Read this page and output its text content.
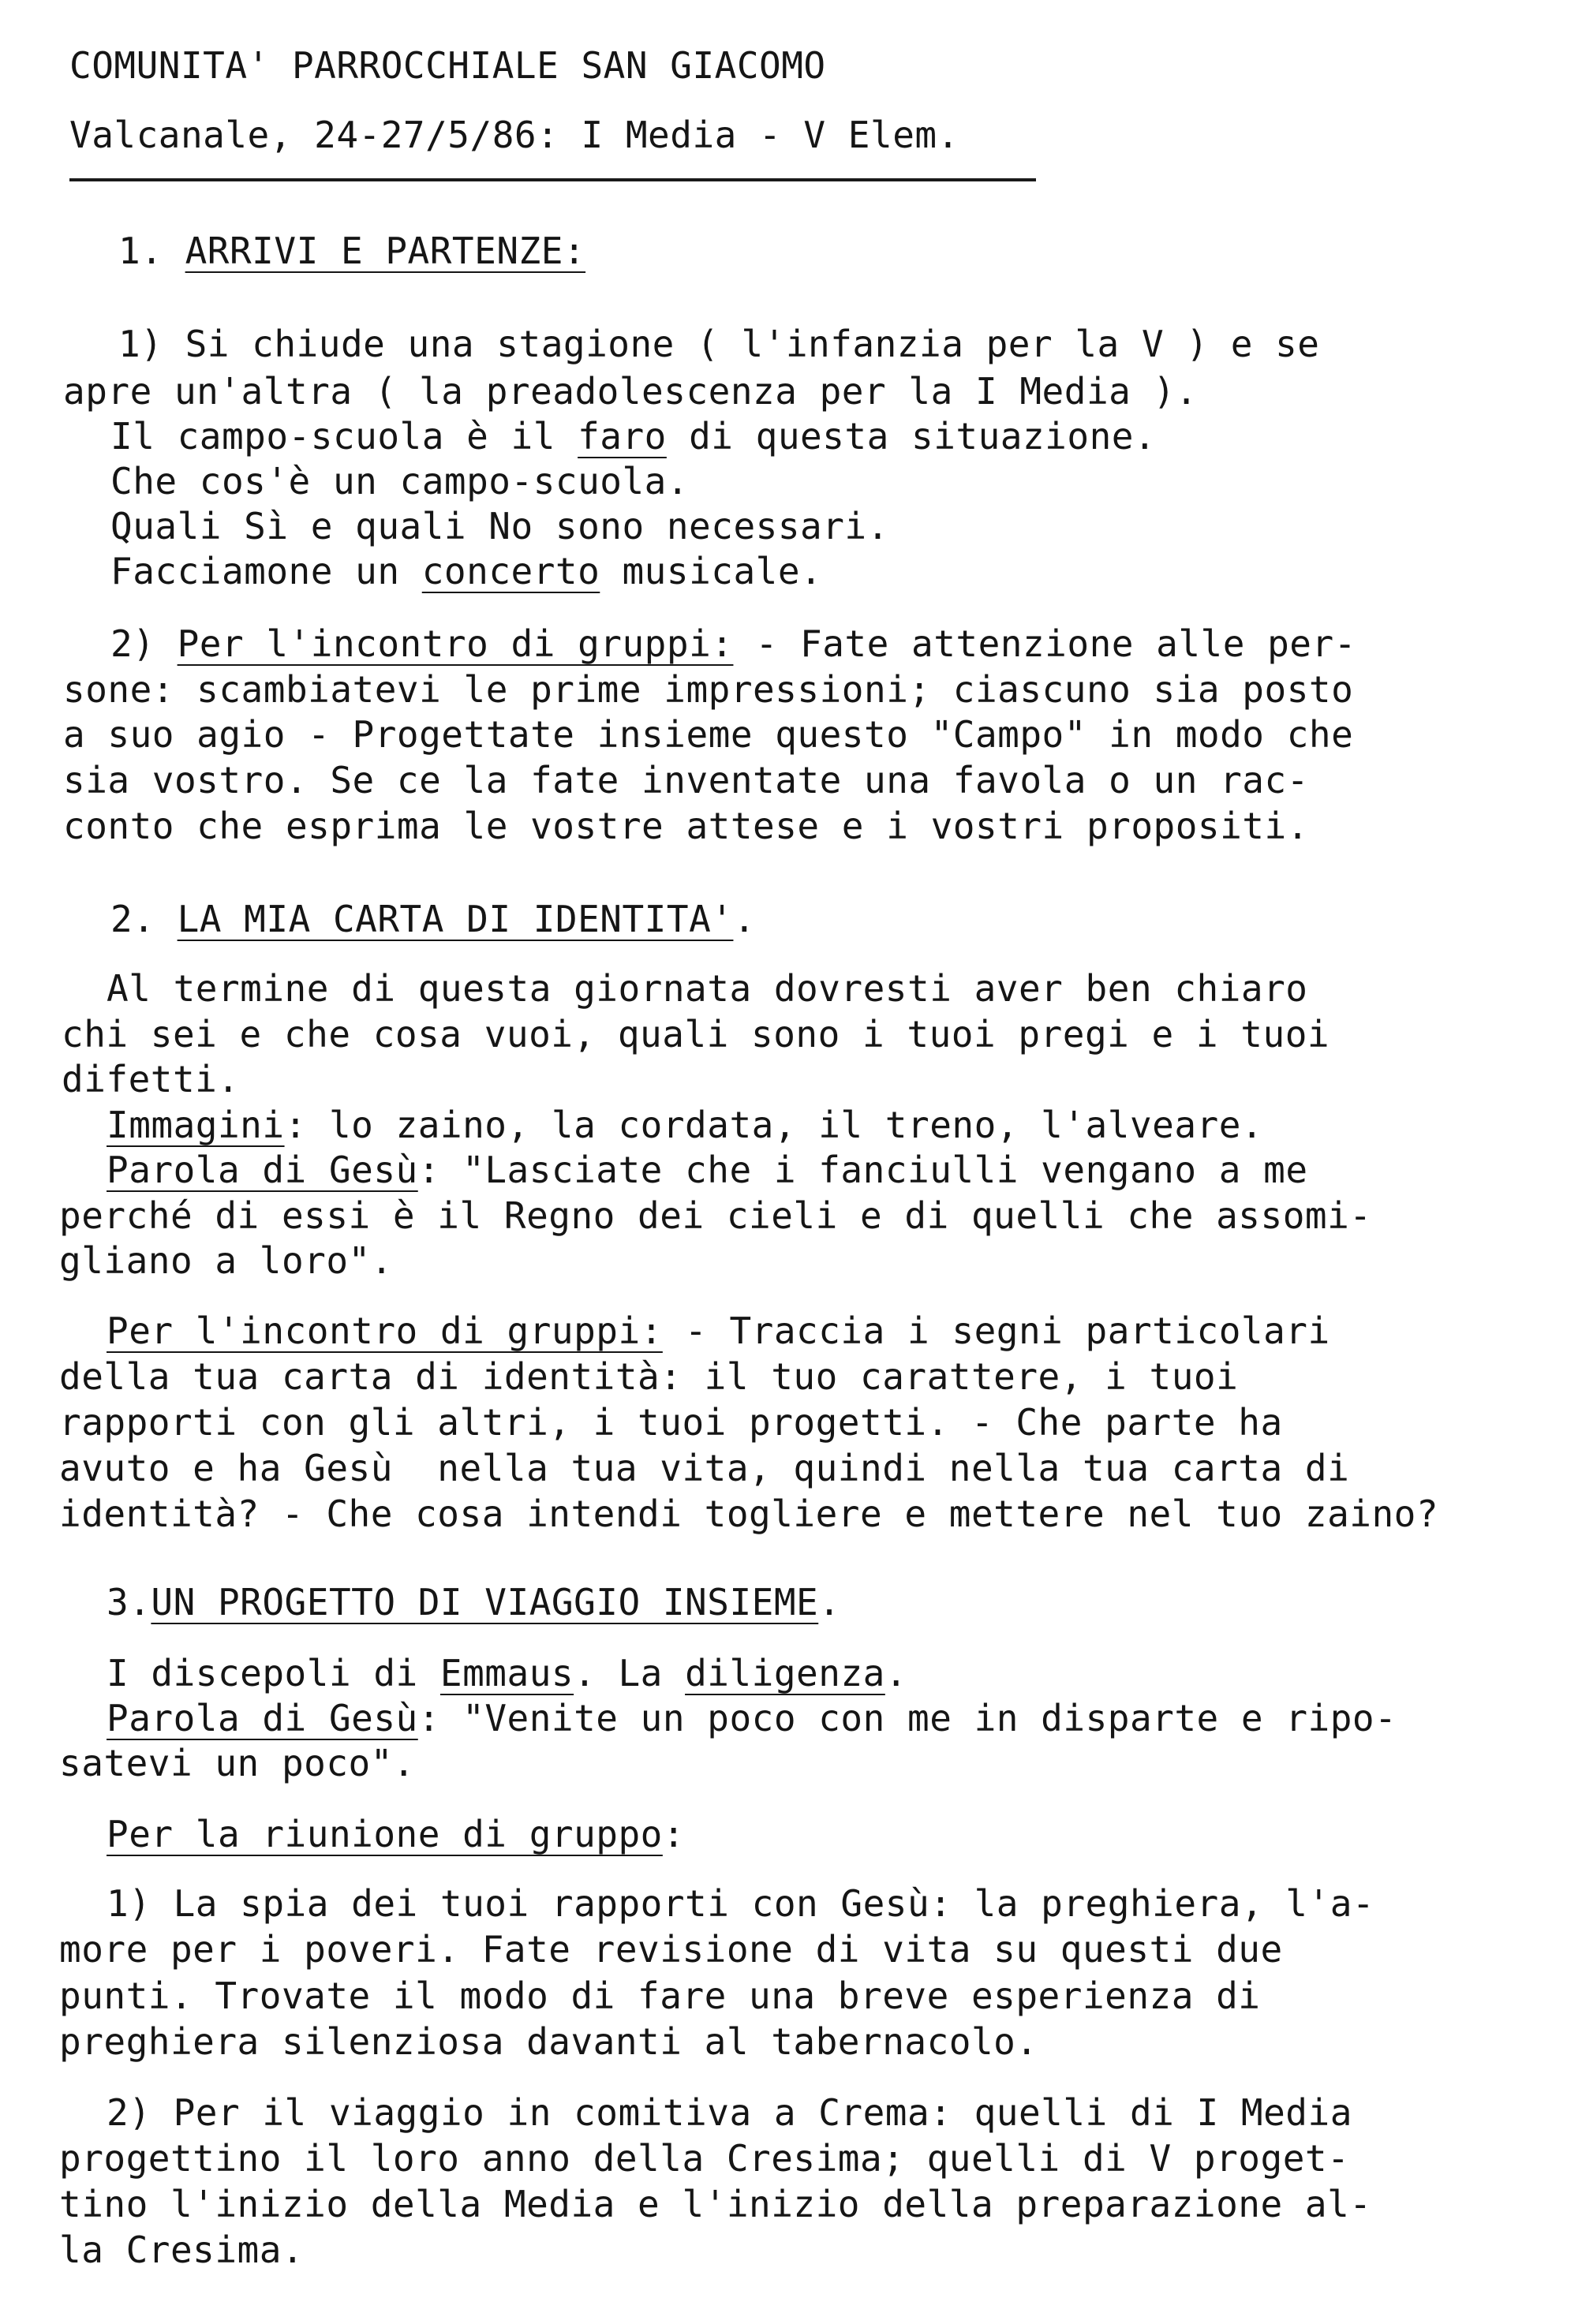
COMUNITA' PARROCCHIALE SAN GIACOMO
Valcanale, 24-27/5/86: I Media - V Elem.
1. ARRIVI E PARTENZE:
1) Si chiude una stagione ( l'infanzia per la V ) e se
apre un'altra ( la preadolescenza per la I Media ).
Il campo-scuola è il faro di questa situazione.
Che cos'è un campo-scuola.
Quali Sì e quali No sono necessari.
Facciamone un concerto musicale.
2) Per l'incontro di gruppi: - Fate attenzione alle per-
sone: scambiatevi le prime impressioni; ciascuno sia posto
a suo agio - Progettate insieme questo "Campo" in modo che
sia vostro. Se ce la fate inventate una favola o un rac-
conto che esprima le vostre attese e i vostri propositi.
2. LA MIA CARTA DI IDENTITA'.
Al termine di questa giornata dovresti aver ben chiaro
chi sei e che cosa vuoi, quali sono i tuoi pregi e i tuoi
difetti.
Immagini: lo zaino, la cordata, il treno, l'alveare.
Parola di Gesù: "Lasciate che i fanciulli vengano a me
perché di essi è il Regno dei cieli e di quelli che assomi-
gliano a loro".
Per l'incontro di gruppi: - Traccia i segni particolari
della tua carta di identità: il tuo carattere, i tuoi
rapporti con gli altri, i tuoi progetti. - Che parte ha
avuto e ha Gesù  nella tua vita, quindi nella tua carta di
identità? - Che cosa intendi togliere e mettere nel tuo zaino?
3.UN PROGETTO DI VIAGGIO INSIEME.
I discepoli di Emmaus. La diligenza.
Parola di Gesù: "Venite un poco con me in disparte e ripo-
satevi un poco".
Per la riunione di gruppo:
1) La spia dei tuoi rapporti con Gesù: la preghiera, l'a-
more per i poveri. Fate revisione di vita su questi due
punti. Trovate il modo di fare una breve esperienza di
preghiera silenziosa davanti al tabernacolo.
2) Per il viaggio in comitiva a Crema: quelli di I Media
progettino il loro anno della Cresima; quelli di V proget-
tino l'inizio della Media e l'inizio della preparazione al-
la Cresima.
